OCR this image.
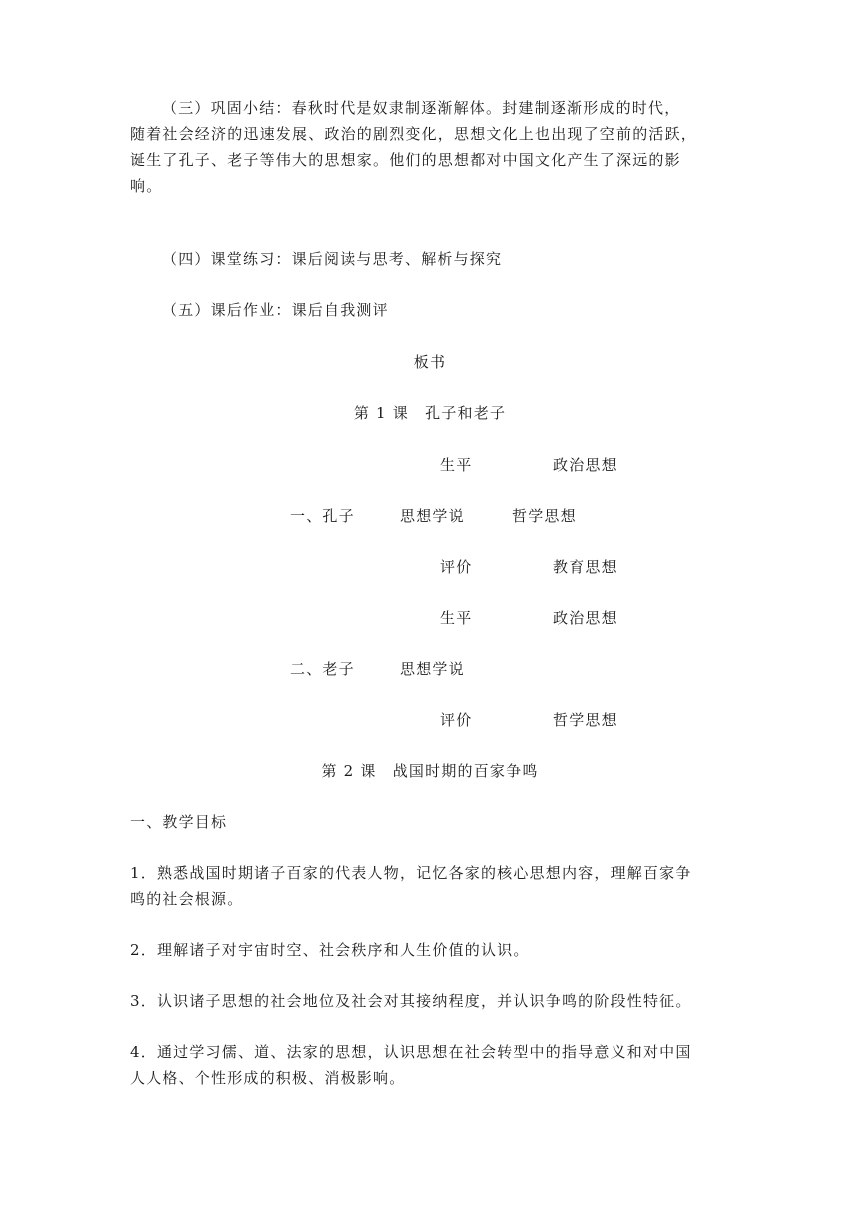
（三）巩固小结：春秋时代是奴隶制逐渐解体。封建制逐渐形成的时代，
随着社会经济的迅速发展、政治的剧烈变化，思想文化上也出现了空前的活跃，
诞生了孔子、老子等伟大的思想家。他们的思想都对中国文化产生了深远的影
响。
（四）课堂练习：课后阅读与思考、解析与探究
（五）课后作业：课后自我测评
板书
第 1 课　孔子和老子
生平	政治思想
一、孔子	思想学说	哲学思想
评价	教育思想
生平	政治思想
二、老子	思想学说
评价	哲学思想
第 2 课　战国时期的百家争鸣
一、教学目标
1．熟悉战国时期诸子百家的代表人物，记忆各家的核心思想内容，理解百家争
鸣的社会根源。
2．理解诸子对宇宙时空、社会秩序和人生价值的认识。
3．认识诸子思想的社会地位及社会对其接纳程度，并认识争鸣的阶段性特征。
4．通过学习儒、道、法家的思想，认识思想在社会转型中的指导意义和对中国
人人格、个性形成的积极、消极影响。
